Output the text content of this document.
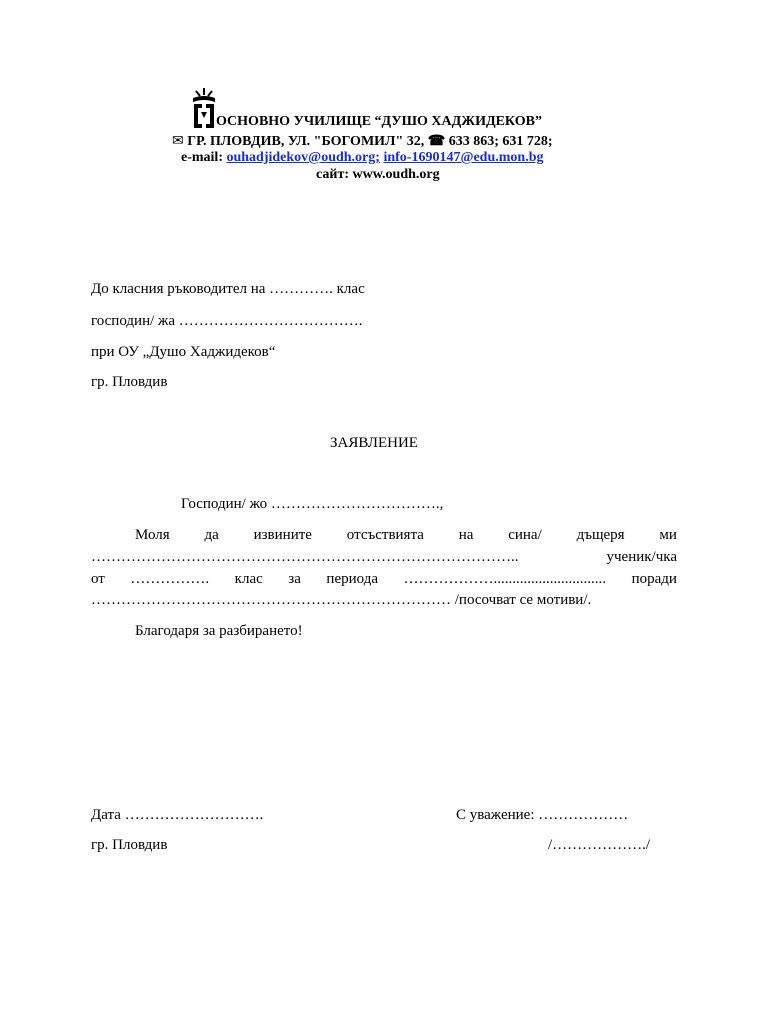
ОСНОВНО УЧИЛИЩЕ “ДУШО ХАДЖИДЕКОВ”
✉ ГР. ПЛОВДИВ, УЛ. "БОГОМИЛ" 32, ☎ 633 863; 631 728;
e-mail: ouhadjidekov@oudh.org; info-1690147@edu.mon.bg
сайт: www.oudh.org
До класния ръководител на …………. клас
господин/ жа ……………………………….
при ОУ „Душо Хаджидеков“
гр. Пловдив
ЗАЯВЛЕНИЕ
Господин/ жо …………………………….,
Моля да извините отсъствията на сина/ дъщеря ми
…………………………………………………………………………..	ученик/чка
от ……………. клас за периода ……………….............................. поради
……………………………………………………………… /посочват се мотиви/.
Благодаря за разбирането!
Дата ……………………….	С уважение: ………………
гр. Пловдив	/………………./
